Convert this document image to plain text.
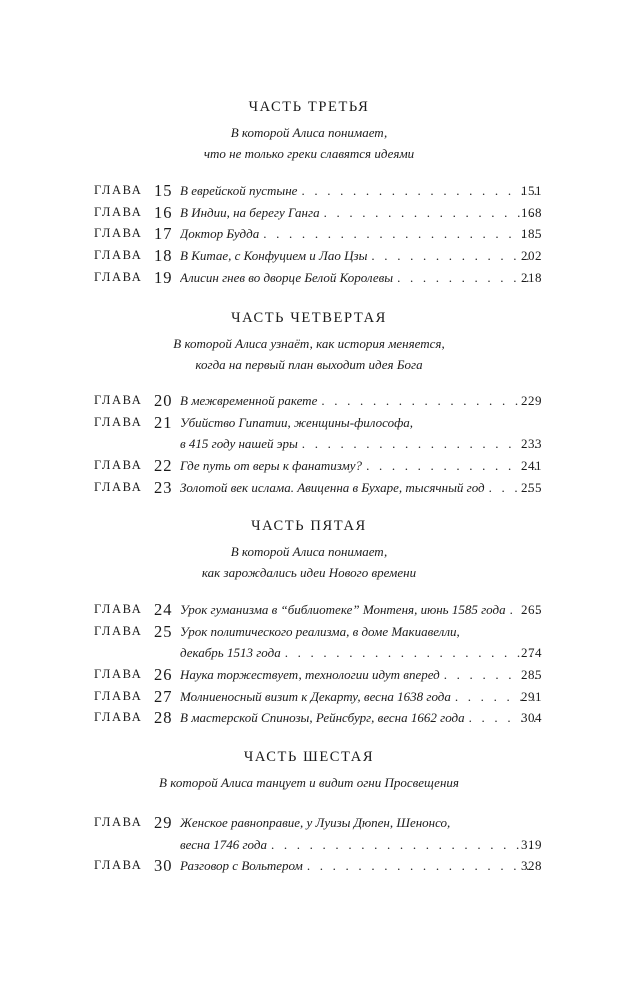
ЧАСТЬ ТРЕТЬЯ
В которой Алиса понимает,
что не только греки славятся идеями
ГЛАВА 15 В еврейской пустыне . . .	151
ГЛАВА 16 В Индии, на берегу Ганга . . .	168
ГЛАВА 17 Доктор Будда . . .	185
ГЛАВА 18 В Китае, с Конфуцием и Лао Цзы . . .	202
ГЛАВА 19 Алисин гнев во дворце Белой Королевы . . .	218
ЧАСТЬ ЧЕТВЕРТАЯ
В которой Алиса узнаёт, как история меняется,
когда на первый план выходит идея Бога
ГЛАВА 20 В межвременной ракете . . .	229
ГЛАВА 21 Убийство Гипатии, женщины-философа,
в 415 году нашей эры . . .	233
ГЛАВА 22 Где путь от веры к фанатизму? . . .	241
ГЛАВА 23 Золотой век ислама. Авиценна в Бухаре, тысячный год . . .	255
ЧАСТЬ ПЯТАЯ
В которой Алиса понимает,
как зарождались идеи Нового времени
ГЛАВА 24 Урок гуманизма в “библиотеке” Монтеня, июнь 1585 года . . . 265
ГЛАВА 25 Урок политического реализма, в доме Макиавелли,
декабрь 1513 года . . .	274
ГЛАВА 26 Наука торжествует, технологии идут вперед . . .	285
ГЛАВА 27 Молниеносный визит к Декарту, весна 1638 года . . .	291
ГЛАВА 28 В мастерской Спинозы, Рейнсбург, весна 1662 года . . .	304
ЧАСТЬ ШЕСТАЯ
В которой Алиса танцует и видит огни Просвещения
ГЛАВА 29 Женское равноправие, у Луизы Дюпен, Шенонсо,
весна 1746 года . . .	319
ГЛАВА 30 Разговор с Вольтером . . .	328
